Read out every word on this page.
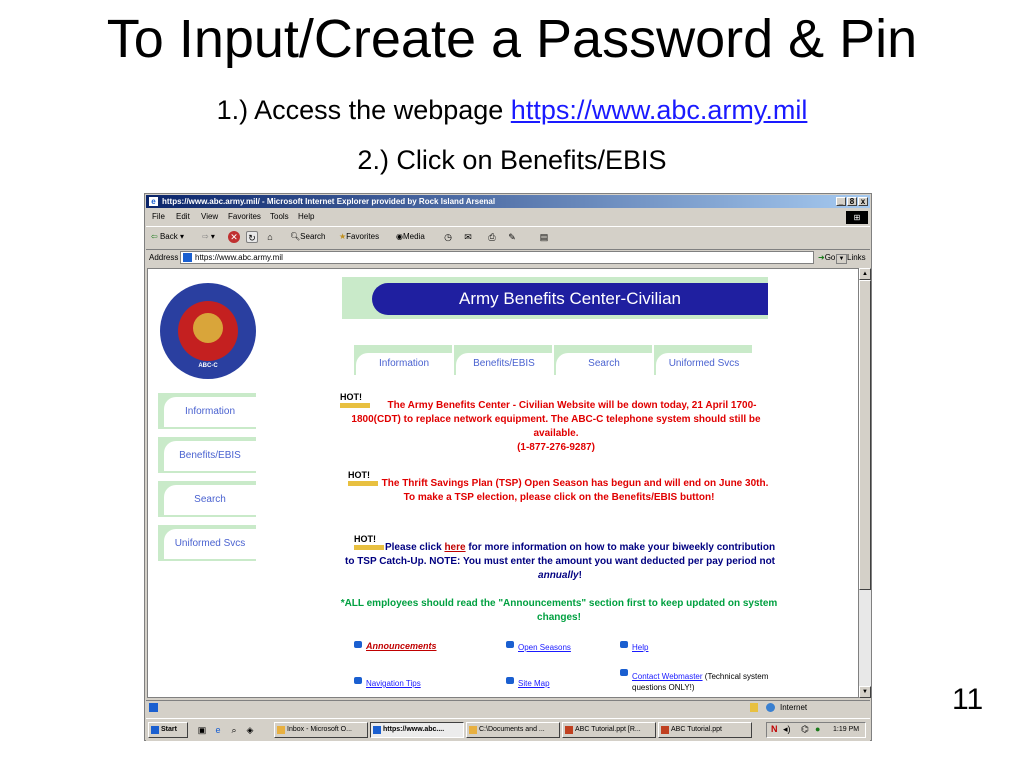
To Input/Create a Password & Pin
1.) Access the webpage https://www.abc.army.mil
2.) Click on Benefits/EBIS
e https://www.abc.army.mil/ - Microsoft Internet Explorer provided by Rock Island Arsenal	_ 8 x
File Edit View Favorites Tools Help	⊞
⇦ Back ▾ ⇨ ▾ ✕ ↻	⌂	🔍︎Search ★Favorites ◉Media ◷ ✉ ⎙ ✎	▤
Address	https://www.abc.army.mil	▼
➜Go Links
ABC-C
Army Benefits Center-Civilian
Information	Benefits/EBIS	Search	Uniformed Svcs
Information
Benefits/EBIS
Search
Uniformed Svcs
HOT!
The Army Benefits Center - Civilian Website will be down today, 21 April 1700-1800(CDT) to replace network equipment. The ABC-C telephone system should still be available.
(1-877-276-9287)
HOT!
The Thrift Savings Plan (TSP) Open Season has begun and will end on June 30th. To make a TSP election, please click on the Benefits/EBIS button!
HOT!
Please click here for more information on how to make your biweekly contribution to TSP Catch-Up. NOTE: You must enter the amount you want deducted per pay period not annually!
*ALL employees should read the "Announcements" section first to keep updated on system changes!
Announcements	Open Seasons	Help
Navigation Tips	Site Map
Contact Webmaster (Technical system questions ONLY!)
▲
▼
Internet
Start	▣	e	⌕	◈	Inbox - Microsoft O...	https://www.abc....	C:\Documents and ...	ABC Tutorial.ppt [R...	ABC Tutorial.ppt	N ◂) ⌬ ● 1:19 PM
11
